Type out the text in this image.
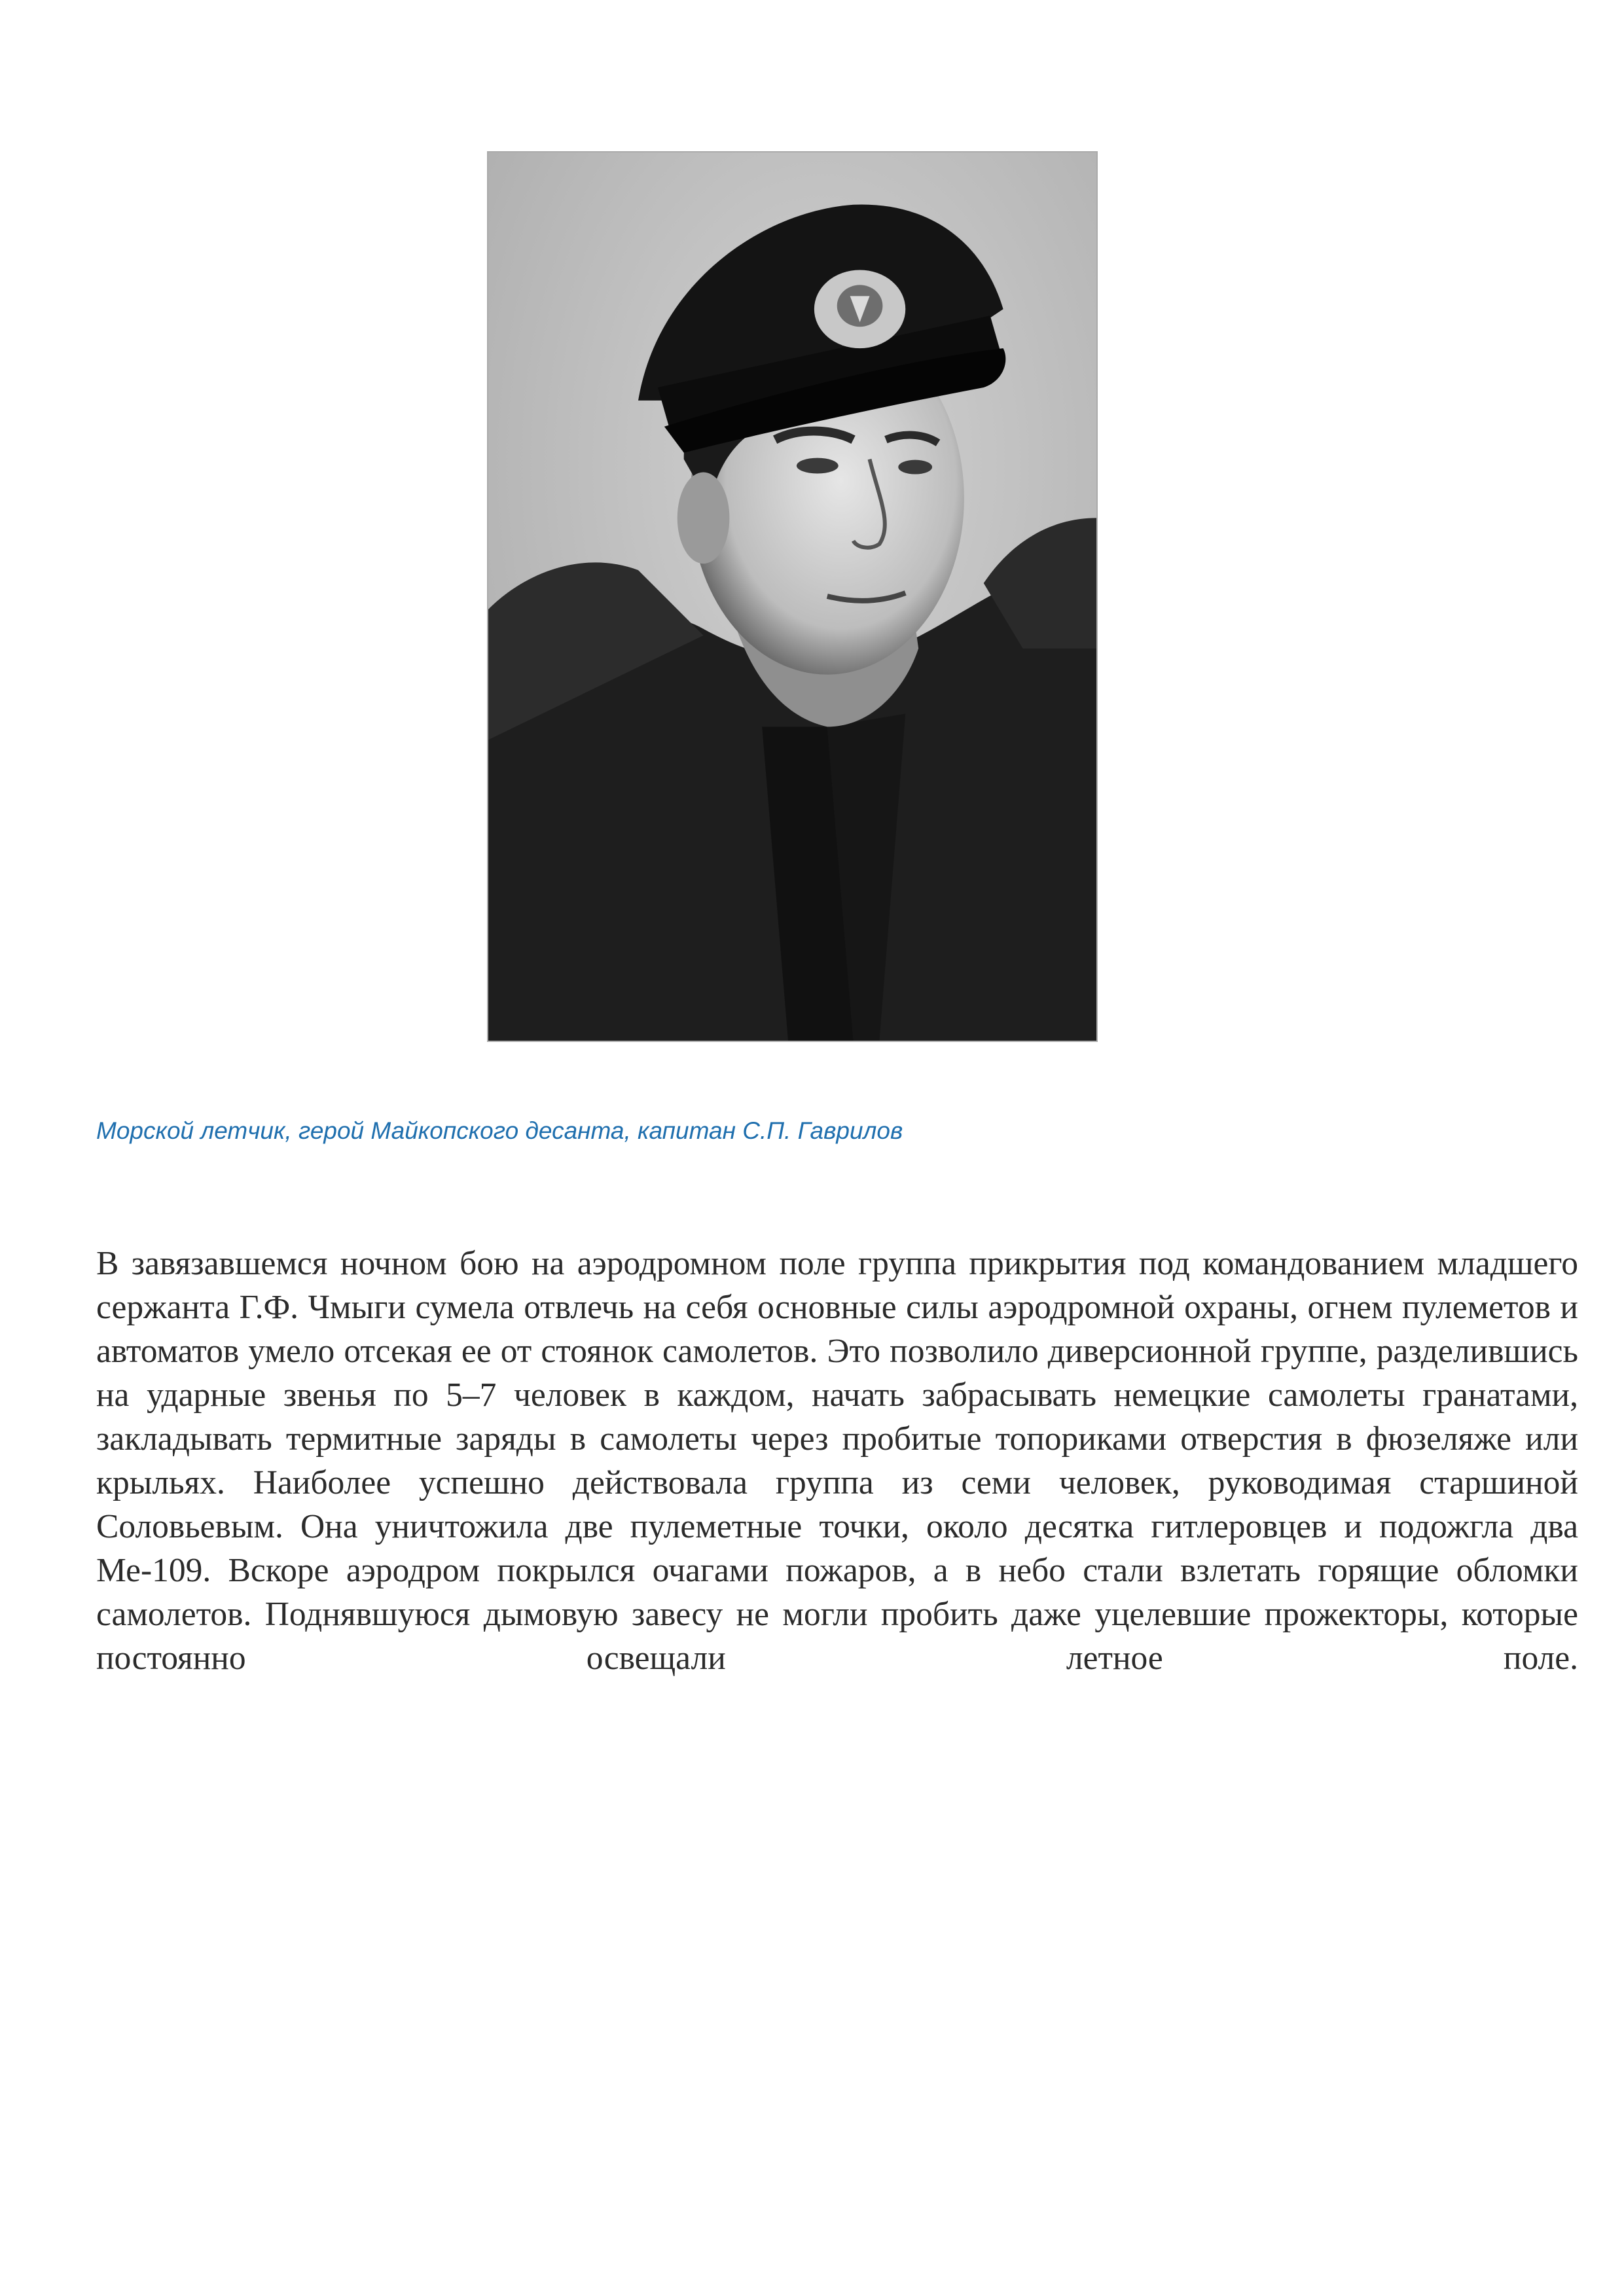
Морской летчик, герой Майкопского десанта, капитан С.П. Гаврилов

В завязавшемся ночном бою на аэродромном поле группа прикрытия под командованием младшего сержанта Г.Ф. Чмыги сумела отвлечь на себя основные силы аэродромной охраны, огнем пулеметов и автоматов умело отсекая ее от стоянок самолетов. Это позволило диверсионной группе, разделившись на ударные звенья по 5–7 человек в каждом, начать забрасывать немецкие самолеты гранатами, закладывать термитные заряды в самолеты через пробитые топориками отверстия в фюзеляже или крыльях. Наиболее успешно действовала группа из семи человек, руководимая старшиной Соловьевым. Она уничтожила две пулеметные точки, около десятка гитлеровцев и подожгла два Ме-109. Вскоре аэродром покрылся очагами пожаров, а в небо стали взлетать горящие обломки самолетов. Поднявшуюся дымовую завесу не могли пробить даже уцелевшие прожекторы, которые постоянно освещали летное поле.
